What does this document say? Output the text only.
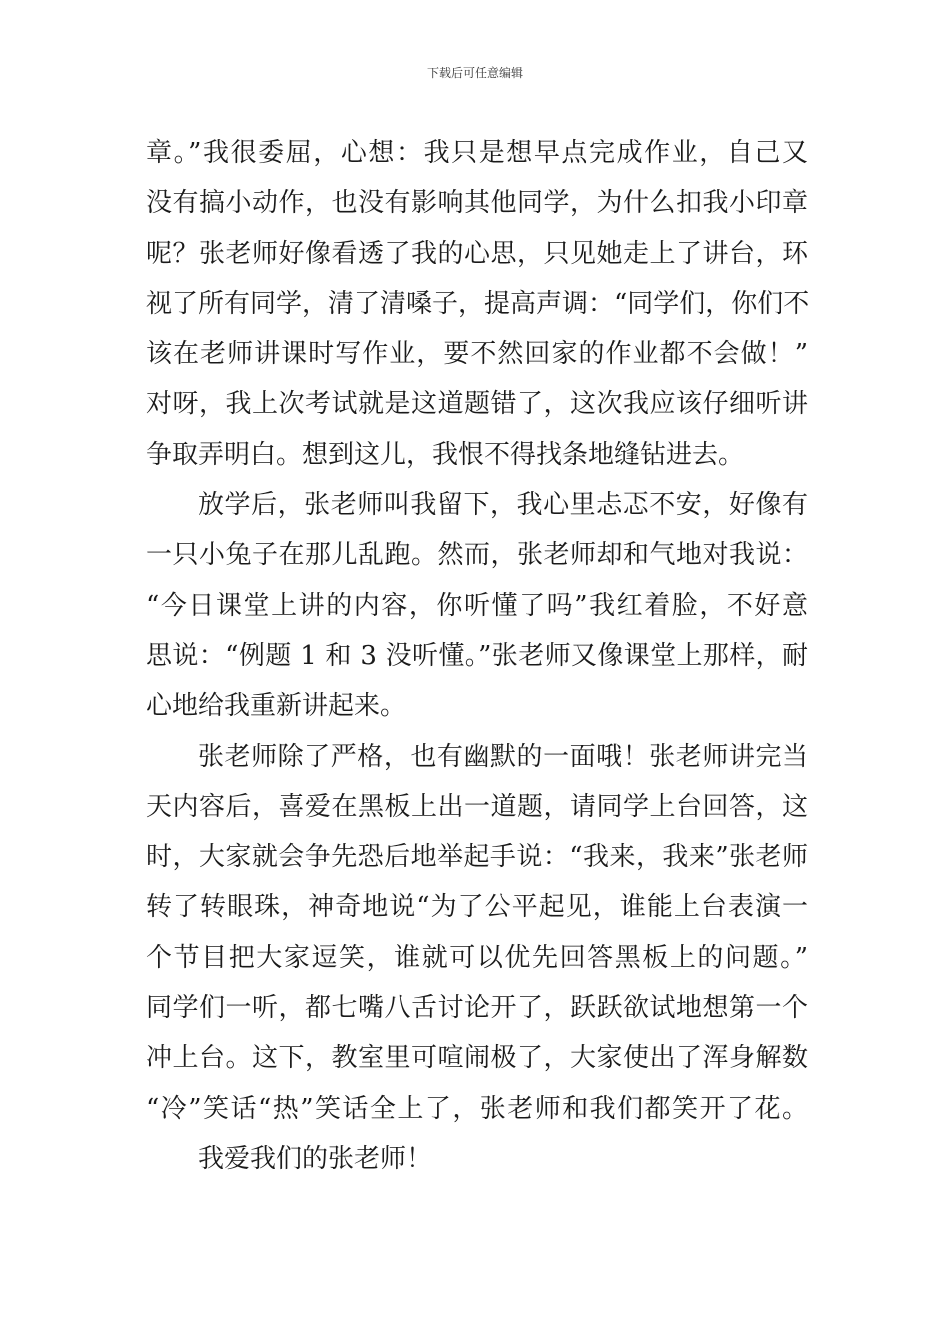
下载后可任意编辑
章。”我很委屈，心想：我只是想早点完成作业，自己又
没有搞小动作，也没有影响其他同学，为什么扣我小印章
呢？张老师好像看透了我的心思，只见她走上了讲台，环
视了所有同学，清了清嗓子，提高声调：“同学们，你们不
该在老师讲课时写作业，要不然回家的作业都不会做！”
对呀，我上次考试就是这道题错了，这次我应该仔细听讲
争取弄明白。想到这儿，我恨不得找条地缝钻进去。
放学后，张老师叫我留下，我心里忐忑不安，好像有
一只小兔子在那儿乱跑。然而，张老师却和气地对我说：
“今日课堂上讲的内容，你听懂了吗”我红着脸，不好意
思说：“例题 1 和 3 没听懂。”张老师又像课堂上那样，耐
心地给我重新讲起来。
张老师除了严格，也有幽默的一面哦！张老师讲完当
天内容后，喜爱在黑板上出一道题，请同学上台回答，这
时，大家就会争先恐后地举起手说：“我来，我来”张老师
转了转眼珠，神奇地说“为了公平起见，谁能上台表演一
个节目把大家逗笑，谁就可以优先回答黑板上的问题。”
同学们一听，都七嘴八舌讨论开了，跃跃欲试地想第一个
冲上台。这下，教室里可喧闹极了，大家使出了浑身解数
“冷”笑话“热”笑话全上了，张老师和我们都笑开了花。
我爱我们的张老师！
